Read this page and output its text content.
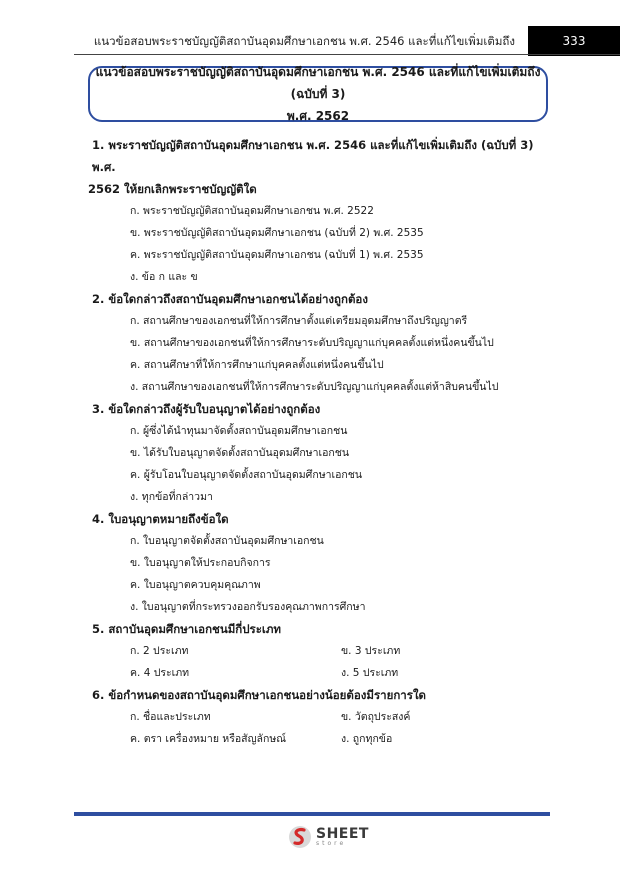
แนวข้อสอบพระราชบัญญัติสถาบันอุดมศึกษาเอกชน พ.ศ. 2546 และที่แก้ไขเพิ่มเติมถึง	333
แนวข้อสอบพระราชบัญญัติสถาบันอุดมศึกษาเอกชน พ.ศ. 2546 และที่แก้ไขเพิ่มเติมถึง (ฉบับที่ 3)
พ.ศ. 2562
1. พระราชบัญญัติสถาบันอุดมศึกษาเอกชน พ.ศ. 2546 และที่แก้ไขเพิ่มเติมถึง (ฉบับที่ 3) พ.ศ.
2562 ให้ยกเลิกพระราชบัญญัติใด
ก. พระราชบัญญัติสถาบันอุดมศึกษาเอกชน พ.ศ. 2522
ข. พระราชบัญญัติสถาบันอุดมศึกษาเอกชน (ฉบับที่ 2) พ.ศ. 2535
ค. พระราชบัญญัติสถาบันอุดมศึกษาเอกชน (ฉบับที่ 1) พ.ศ. 2535
ง. ข้อ ก และ ข
2. ข้อใดกล่าวถึงสถาบันอุดมศึกษาเอกชนได้อย่างถูกต้อง
ก. สถานศึกษาของเอกชนที่ให้การศึกษาตั้งแต่เตรียมอุดมศึกษาถึงปริญญาตรี
ข. สถานศึกษาของเอกชนที่ให้การศึกษาระดับปริญญาแก่บุคคลตั้งแต่หนึ่งคนขึ้นไป
ค. สถานศึกษาที่ให้การศึกษาแก่บุคคลตั้งแต่หนึ่งคนขึ้นไป
ง. สถานศึกษาของเอกชนที่ให้การศึกษาระดับปริญญาแก่บุคคลตั้งแต่ห้าสิบคนขึ้นไป
3. ข้อใดกล่าวถึงผู้รับใบอนุญาตได้อย่างถูกต้อง
ก. ผู้ซึ่งได้นำทุนมาจัดตั้งสถาบันอุดมศึกษาเอกชน
ข. ได้รับใบอนุญาตจัดตั้งสถาบันอุดมศึกษาเอกชน
ค. ผู้รับโอนใบอนุญาตจัดตั้งสถาบันอุดมศึกษาเอกชน
ง. ทุกข้อที่กล่าวมา
4. ใบอนุญาตหมายถึงข้อใด
ก. ใบอนุญาตจัดตั้งสถาบันอุดมศึกษาเอกชน
ข. ใบอนุญาตให้ประกอบกิจการ
ค. ใบอนุญาตควบคุมคุณภาพ
ง. ใบอนุญาตที่กระทรวงออกรับรองคุณภาพการศึกษา
5. สถาบันอุดมศึกษาเอกชนมีกี่ประเภท
ก. 2 ประเภท	ข. 3 ประเภท
ค. 4 ประเภท	ง. 5 ประเภท
6. ข้อกำหนดของสถาบันอุดมศึกษาเอกชนอย่างน้อยต้องมีรายการใด
ก. ชื่อและประเภท	ข. วัตถุประสงค์
ค. ตรา เครื่องหมาย หรือสัญลักษณ์	ง. ถูกทุกข้อ
SHEET
store
